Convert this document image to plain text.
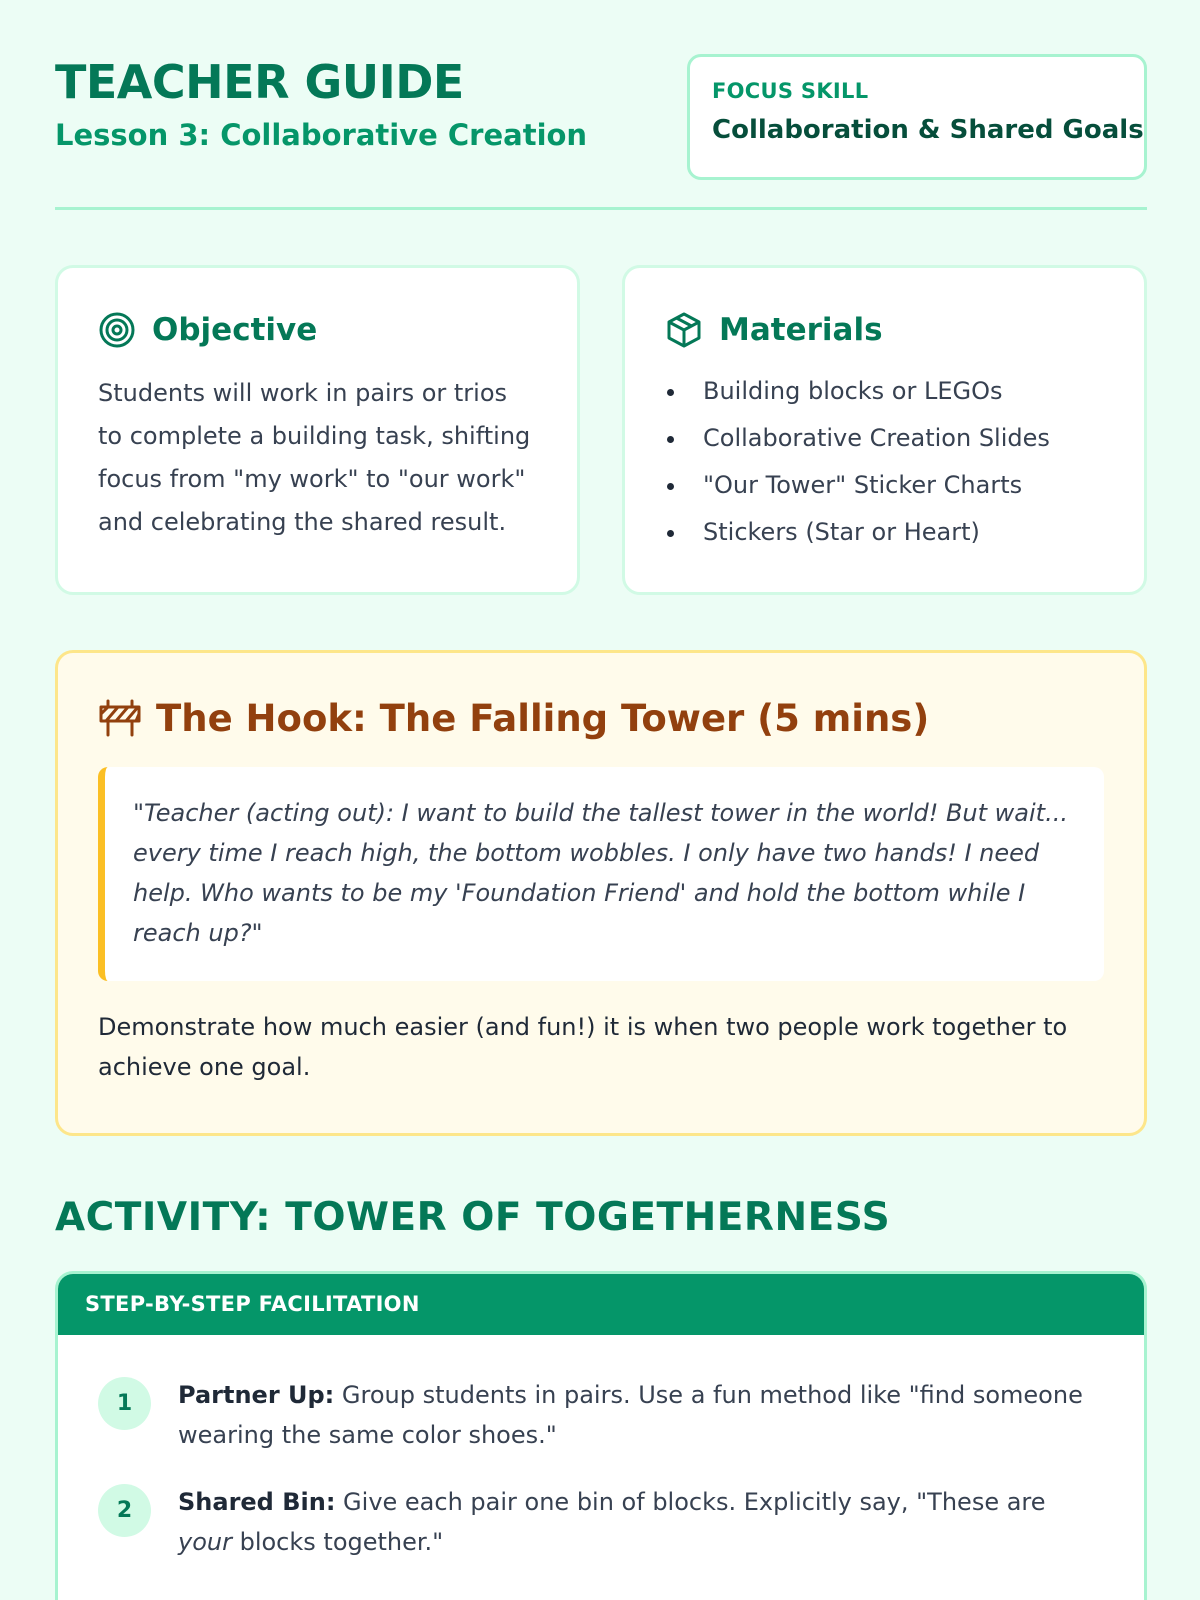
TEACHER GUIDE
Lesson 3: Collaborative Creation
FOCUS SKILL
Collaboration & Shared Goals
Objective

Students will work in pairs or trios to complete a building task, shifting focus from "my work" to "our work" and celebrating the shared result.

Materials
Building blocks or LEGOs
Collaborative Creation Slides
"Our Tower" Sticker Charts
Stickers (Star or Heart)
The Hook: The Falling Tower (5 mins)
"Teacher (acting out): I want to build the tallest tower in the world! But wait... every time I reach high, the bottom wobbles. I only have two hands! I need help. Who wants to be my 'Foundation Friend' and hold the bottom while I reach up?"

Demonstrate how much easier (and fun!) it is when two people work together to achieve one goal.

ACTIVITY: TOWER OF TOGETHERNESS
STEP-BY-STEP FACILITATION
1	Partner Up: Group students in pairs. Use a fun method like "find someone wearing the same color shoes."
2	Shared Bin: Give each pair one bin of blocks. Explicitly say, "These are your blocks together."
